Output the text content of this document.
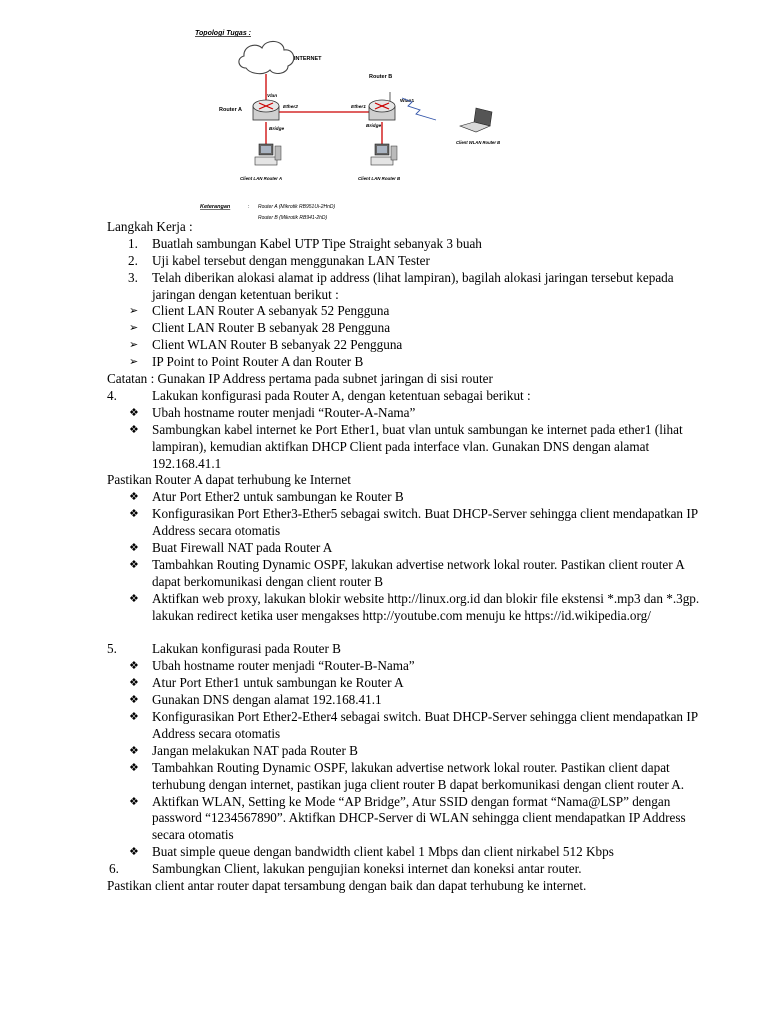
Topologi Tugas :
INTERNET
Router A
Vlan
Ether2
Bridge
Router B
Ether1
Wlan1
Bridge
Client WLAN Router B
Client LAN Router A	Client LAN Router B
Keterangan	: Router A (Mikrotik RB951Ui-2HnD)
Router B (Mikrotik RB941-2hD)
Langkah Kerja :
1.	Buatlah sambungan Kabel UTP Tipe Straight sebanyak 3 buah
2.	Uji kabel tersebut dengan menggunakan LAN Tester
3.	Telah diberikan alokasi alamat ip address (lihat lampiran), bagilah alokasi jaringan tersebut kepada jaringan dengan ketentuan berikut :
➢	Client LAN Router A sebanyak 52 Pengguna
➢	Client LAN Router B sebanyak 28 Pengguna
➢	Client WLAN Router B sebanyak 22 Pengguna
➢	IP Point to Point Router A dan Router B
Catatan : Gunakan IP Address pertama pada subnet jaringan di sisi router
4.	Lakukan konfigurasi pada Router A, dengan ketentuan sebagai berikut :
❖ Ubah hostname router menjadi “Router-A-Nama”
❖ Sambungkan kabel internet ke Port Ether1, buat vlan untuk sambungan ke internet pada ether1 (lihat lampiran), kemudian aktifkan DHCP Client pada interface vlan. Gunakan DNS dengan alamat 192.168.41.1
Pastikan Router A dapat terhubung ke Internet
❖ Atur Port Ether2 untuk sambungan ke Router B
❖ Konfigurasikan Port Ether3-Ether5 sebagai switch. Buat DHCP-Server sehingga client mendapatkan IP Address secara otomatis
❖ Buat Firewall NAT pada Router A
❖ Tambahkan Routing Dynamic OSPF, lakukan advertise network lokal router. Pastikan client router A dapat berkomunikasi dengan client router B
❖ Aktifkan web proxy, lakukan blokir website http://linux.org.id dan blokir file ekstensi *.mp3 dan *.3gp. lakukan redirect ketika user mengakses http://youtube.com menuju ke https://id.wikipedia.org/
5.	Lakukan konfigurasi pada Router B
❖ Ubah hostname router menjadi “Router-B-Nama”
❖ Atur Port Ether1 untuk sambungan ke Router A
❖ Gunakan DNS dengan alamat 192.168.41.1
❖ Konfigurasikan Port Ether2-Ether4 sebagai switch. Buat DHCP-Server sehingga client mendapatkan IP Address secara otomatis
❖ Jangan melakukan NAT pada Router B
❖ Tambahkan Routing Dynamic OSPF, lakukan advertise network lokal router. Pastikan client dapat terhubung dengan internet, pastikan juga client router B dapat berkomunikasi dengan client router A.
❖ Aktifkan WLAN, Setting ke Mode “AP Bridge”, Atur SSID dengan format “Nama@LSP” dengan password “1234567890”. Aktifkan DHCP-Server di WLAN sehingga client mendapatkan IP Address secara otomatis
❖ Buat simple queue dengan bandwidth client kabel 1 Mbps dan client nirkabel 512 Kbps
6.	Sambungkan Client, lakukan pengujian koneksi internet dan koneksi antar router.
Pastikan client antar router dapat tersambung dengan baik dan dapat terhubung ke internet.
